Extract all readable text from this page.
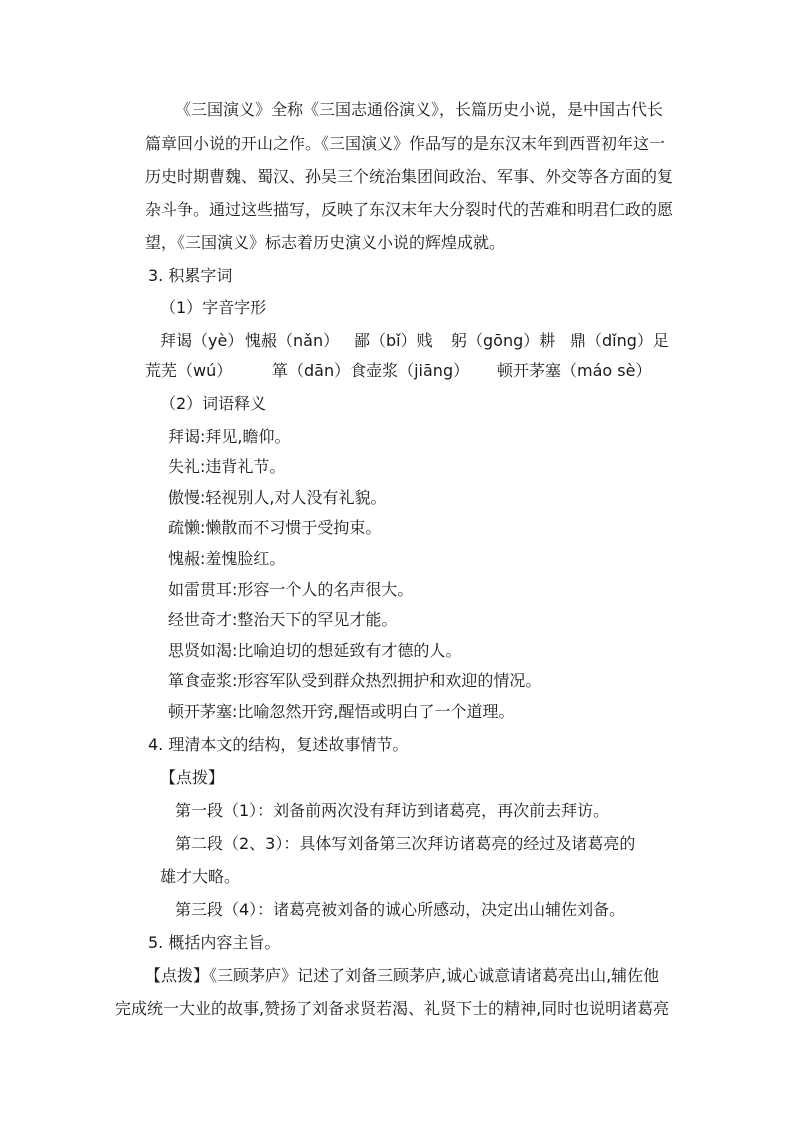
《三国演义》全称《三国志通俗演义》，长篇历史小说，是中国古代长
篇章回小说的开山之作。《三国演义》作品写的是东汉末年到西晋初年这一
历史时期曹魏、蜀汉、孙吴三个统治集团间政治、军事、外交等各方面的复
杂斗争。通过这些描写，反映了东汉末年大分裂时代的苦难和明君仁政的愿
望，《三国演义》标志着历史演义小说的辉煌成就。
3. 积累字词
（1）字音字形
拜谒（yè） 愧赧（nǎn） 鄙（bǐ）贱 躬（gōng）耕 鼎（dǐng）足
荒芜（wú） 箪（dān）食壶浆（jiāng） 顿开茅塞（máo sè）
（2）词语释义
拜谒:拜见,瞻仰。
失礼:违背礼节。
傲慢:轻视别人,对人没有礼貌。
疏懒:懒散而不习惯于受拘束。
愧赧:羞愧脸红。
如雷贯耳:形容一个人的名声很大。
经世奇才:整治天下的罕见才能。
思贤如渴:比喻迫切的想延致有才德的人。
箪食壶浆:形容军队受到群众热烈拥护和欢迎的情况。
顿开茅塞:比喻忽然开窍,醒悟或明白了一个道理。
4. 理清本文的结构，复述故事情节。
【点拨】
第一段（1）：刘备前两次没有拜访到诸葛亮，再次前去拜访。
第二段（2、3）：具体写刘备第三次拜访诸葛亮的经过及诸葛亮的
雄才大略。
第三段（4）：诸葛亮被刘备的诚心所感动，决定出山辅佐刘备。
5. 概括内容主旨。
【点拨】《三顾茅庐》记述了刘备三顾茅庐,诚心诚意请诸葛亮出山,辅佐他
完成统一大业的故事,赞扬了刘备求贤若渴、礼贤下士的精神,同时也说明诸葛亮
